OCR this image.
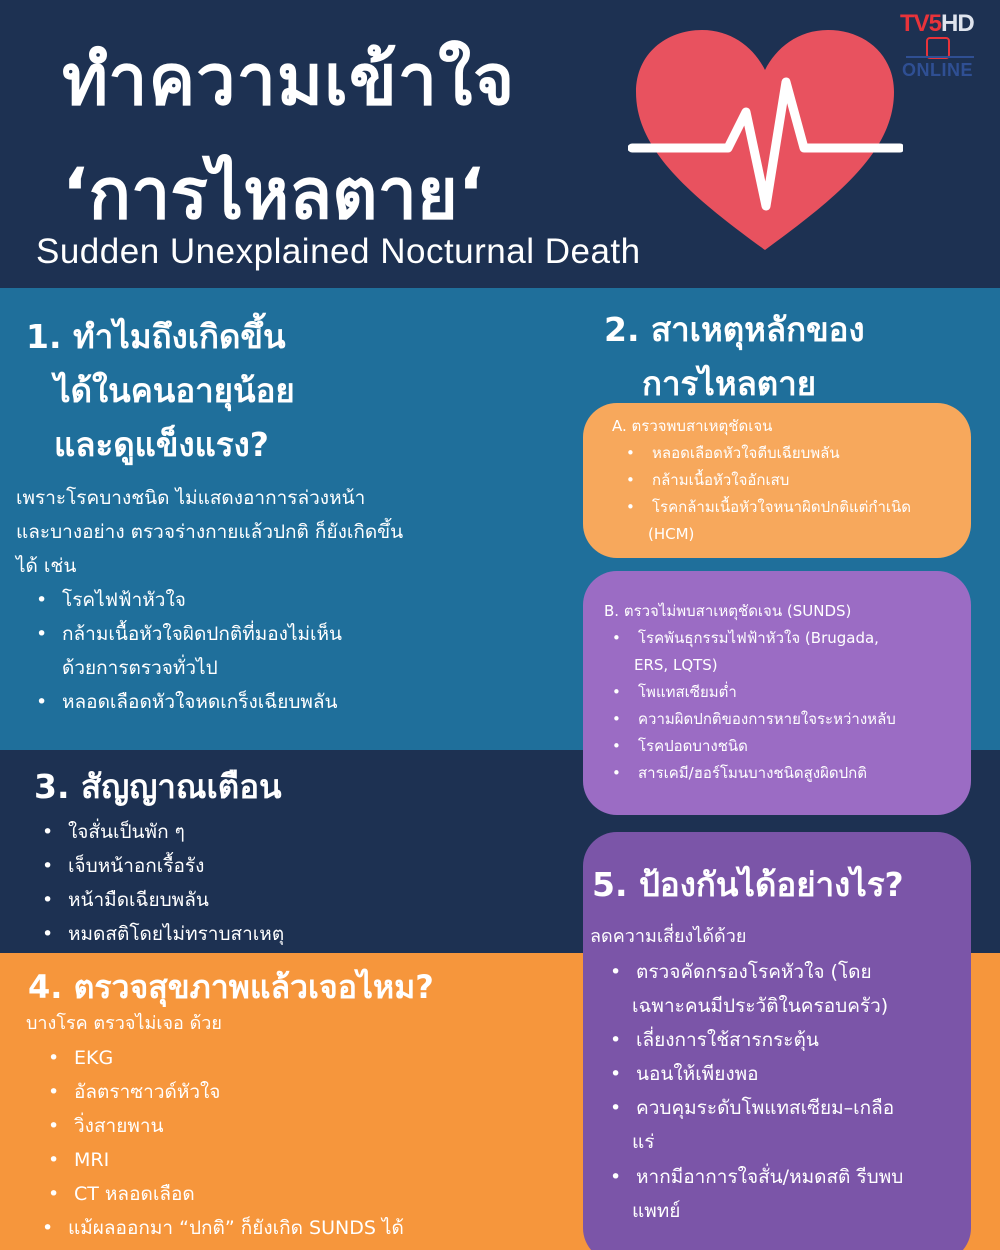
ทำความเข้าใจ
‘การไหลตาย‘
Sudden Unexplained Nocturnal Death
TV5HD
ONLINE
1. ทำไมถึงเกิดขึ้น
ได้ในคนอายุน้อย
และดูแข็งแรง?
เพราะโรคบางชนิด ไม่แสดงอาการล่วงหน้า
และบางอย่าง ตรวจร่างกายแล้วปกติ ก็ยังเกิดขึ้น
ได้ เช่น
• โรคไฟฟ้าหัวใจ
• กล้ามเนื้อหัวใจผิดปกติที่มองไม่เห็น
ด้วยการตรวจทั่วไป
• หลอดเลือดหัวใจหดเกร็งเฉียบพลัน
2. สาเหตุหลักของ
การไหลตาย
A. ตรวจพบสาเหตุชัดเจน
• หลอดเลือดหัวใจตีบเฉียบพลัน
• กล้ามเนื้อหัวใจอักเสบ
• โรคกล้ามเนื้อหัวใจหนาผิดปกติแต่กำเนิด
(HCM)
B. ตรวจไม่พบสาเหตุชัดเจน (SUNDS)
• โรคพันธุกรรมไฟฟ้าหัวใจ (Brugada,
ERS, LQTS)
• โพแทสเซียมต่ำ
• ความผิดปกติของการหายใจระหว่างหลับ
• โรคปอดบางชนิด
• สารเคมี/ฮอร์โมนบางชนิดสูงผิดปกติ
3. สัญญาณเตือน
• ใจสั่นเป็นพัก ๆ
• เจ็บหน้าอกเรื้อรัง
• หน้ามืดเฉียบพลัน
• หมดสติโดยไม่ทราบสาเหตุ
4. ตรวจสุขภาพแล้วเจอไหม?
บางโรค ตรวจไม่เจอ ด้วย
• EKG
• อัลตราซาวด์หัวใจ
• วิ่งสายพาน
• MRI
• CT หลอดเลือด
• แม้ผลออกมา “ปกติ” ก็ยังเกิด SUNDS ได้
5. ป้องกันได้อย่างไร?
ลดความเสี่ยงได้ด้วย
• ตรวจคัดกรองโรคหัวใจ (โดย
เฉพาะคนมีประวัติในครอบครัว)
• เลี่ยงการใช้สารกระตุ้น
• นอนให้เพียงพอ
• ควบคุมระดับโพแทสเซียม–เกลือ
แร่
• หากมีอาการใจสั่น/หมดสติ รีบพบ
แพทย์
